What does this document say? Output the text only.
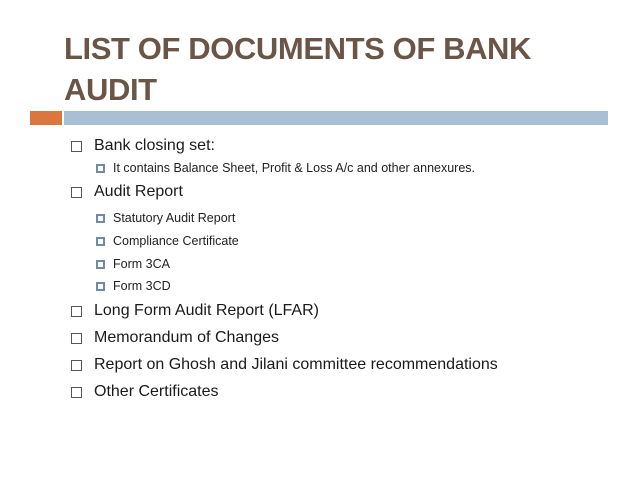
LIST OF DOCUMENTS OF BANK AUDIT
Bank closing set:
It contains Balance Sheet, Profit & Loss A/c and other annexures.
Audit Report
Statutory Audit Report
Compliance Certificate
Form 3CA
Form 3CD
Long Form Audit Report (LFAR)
Memorandum of Changes
Report on Ghosh and Jilani committee recommendations
Other Certificates
